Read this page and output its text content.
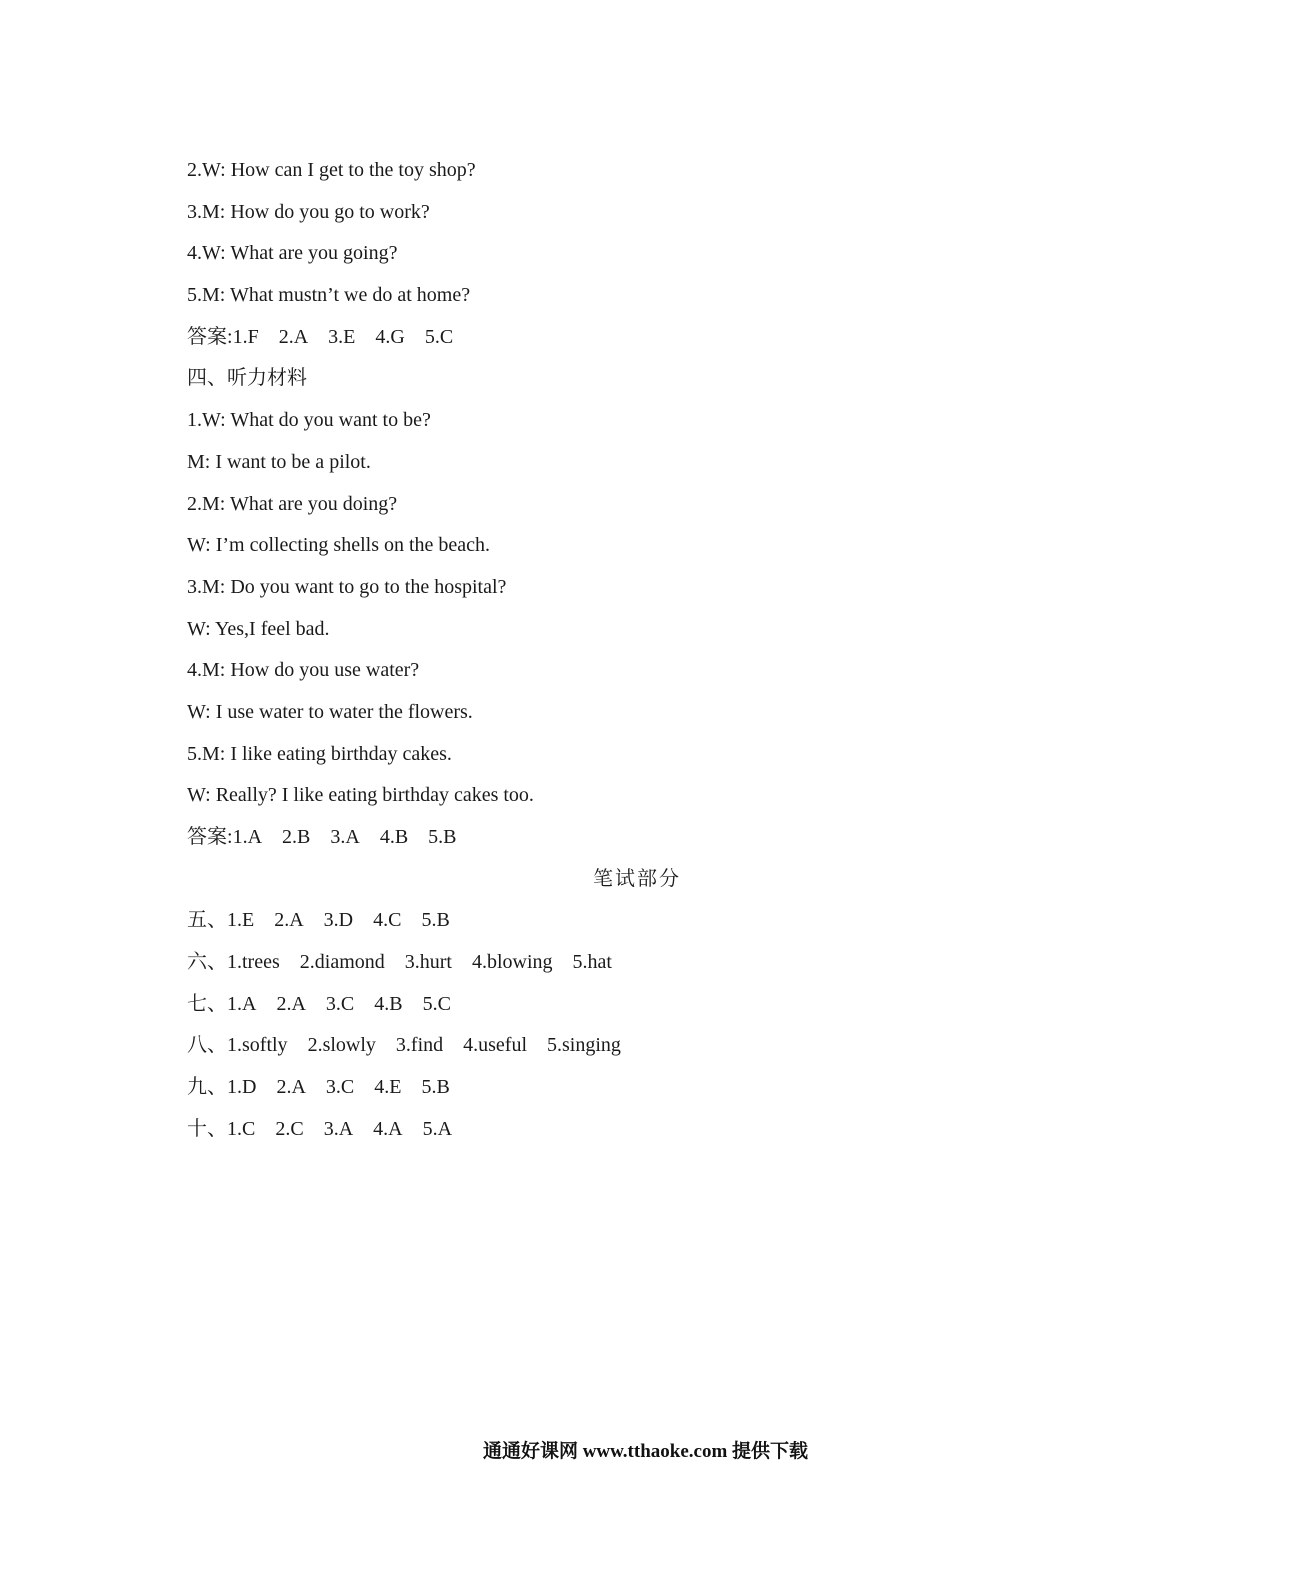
2.W: How can I get to the toy shop?
3.M: How do you go to work?
4.W: What are you going?
5.M: What mustn’t we do at home?
答案:1.F 2.A 3.E 4.G 5.C
四、听力材料
1.W: What do you want to be?
M: I want to be a pilot.
2.M: What are you doing?
W: I’m collecting shells on the beach.
3.M: Do you want to go to the hospital?
W: Yes,I feel bad.
4.M: How do you use water?
W: I use water to water the flowers.
5.M: I like eating birthday cakes.
W: Really? I like eating birthday cakes too.
答案:1.A 2.B 3.A 4.B 5.B
笔试部分
五、1.E 2.A 3.D 4.C 5.B
六、1.trees 2.diamond 3.hurt 4.blowing 5.hat
七、1.A 2.A 3.C 4.B 5.C
八、1.softly 2.slowly 3.find 4.useful 5.singing
九、1.D 2.A 3.C 4.E 5.B
十、1.C 2.C 3.A 4.A 5.A
通通好课网 www.tthaoke.com 提供下载
